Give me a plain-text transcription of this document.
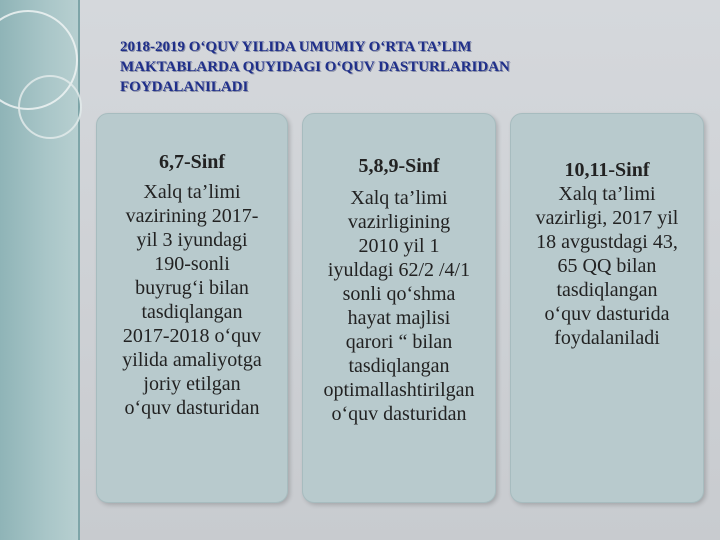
2018-2019 O‘QUV YILIDA UMUMIY O‘RTA TA’LIM
MAKTABLARDA QUYIDAGI O‘QUV DASTURLARIDAN
FOYDALANILADI
6,7-Sinf
Xalq ta’limi
vazirining 2017-
yil 3 iyundagi
190-sonli
buyrug‘i bilan
tasdiqlangan
2017-2018 o‘quv
yilida amaliyotga
joriy etilgan
o‘quv dasturidan
5,8,9-Sinf
Xalq ta’limi
vazirligining
2010 yil 1
iyuldagi 62/2 /4/1
sonli qo‘shma
hayat majlisi
qarori “ bilan
tasdiqlangan
optimallashtirilgan
o‘quv dasturidan
10,11-Sinf
Xalq ta’limi
vazirligi, 2017 yil
18 avgustdagi 43,
65 QQ bilan
tasdiqlangan
o‘quv dasturida
foydalaniladi
